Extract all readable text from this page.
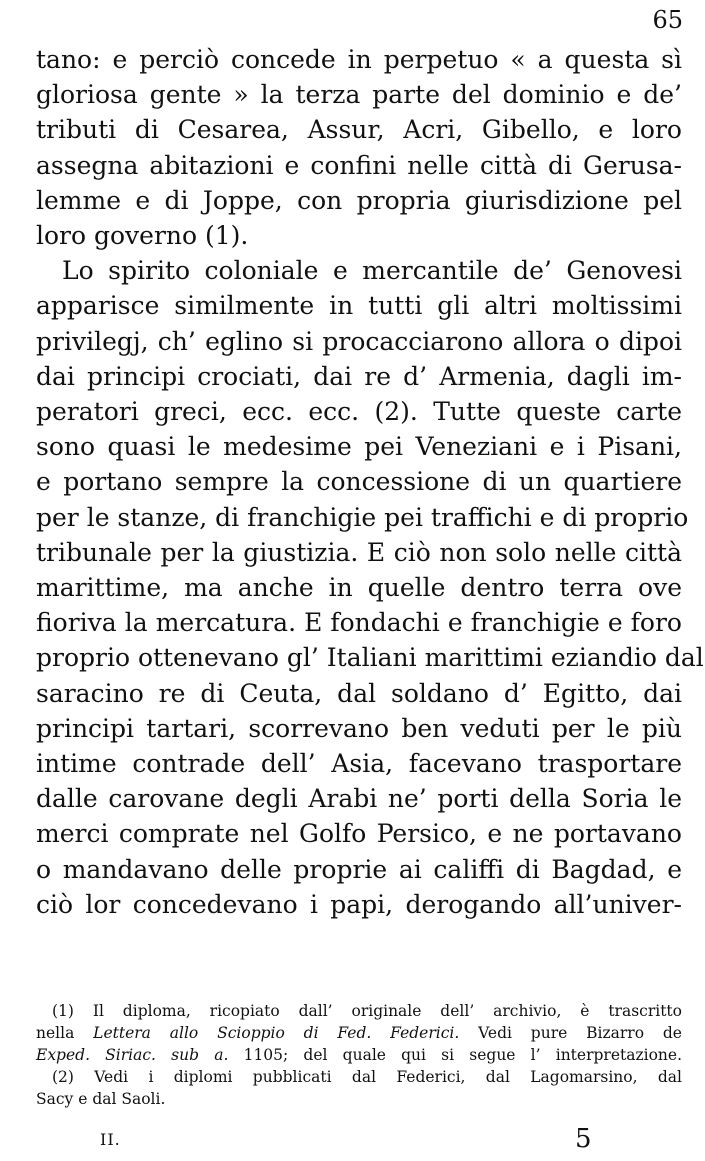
65
tano: e perciò concede in perpetuo « a questa sì
gloriosa gente » la terza parte del dominio e de’
tributi di Cesarea, Assur, Acri, Gibello, e loro
assegna abitazioni e confini nelle città di Gerusa-
lemme e di Joppe, con propria giurisdizione pel
loro governo (1).
Lo spirito coloniale e mercantile de’ Genovesi
apparisce similmente in tutti gli altri moltissimi
privilegj, ch’ eglino si procacciarono allora o dipoi
dai principi crociati, dai re d’ Armenia, dagli im-
peratori greci, ecc. ecc. (2). Tutte queste carte
sono quasi le medesime pei Veneziani e i Pisani,
e portano sempre la concessione di un quartiere
per le stanze, di franchigie pei traffichi e di proprio
tribunale per la giustizia. E ciò non solo nelle città
marittime, ma anche in quelle dentro terra ove
fioriva la mercatura. E fondachi e franchigie e foro
proprio ottenevano gl’ Italiani marittimi eziandio dal
saracino re di Ceuta, dal soldano d’ Egitto, dai
principi tartari, scorrevano ben veduti per le più
intime contrade dell’ Asia, facevano trasportare
dalle carovane degli Arabi ne’ porti della Soria le
merci comprate nel Golfo Persico, e ne portavano
o mandavano delle proprie ai califfi di Bagdad, e
ciò lor concedevano i papi, derogando all’univer-
(1) Il diploma, ricopiato dall’ originale dell’ archivio, è trascritto
nella Lettera allo Scioppio di Fed. Federici. Vedi pure Bizarro de
Exped. Siriac. sub a. 1105; del quale qui si segue l’ interpretazione.
(2) Vedi i diplomi pubblicati dal Federici, dal Lagomarsino, dal
Sacy e dal Saoli.
II.	5
